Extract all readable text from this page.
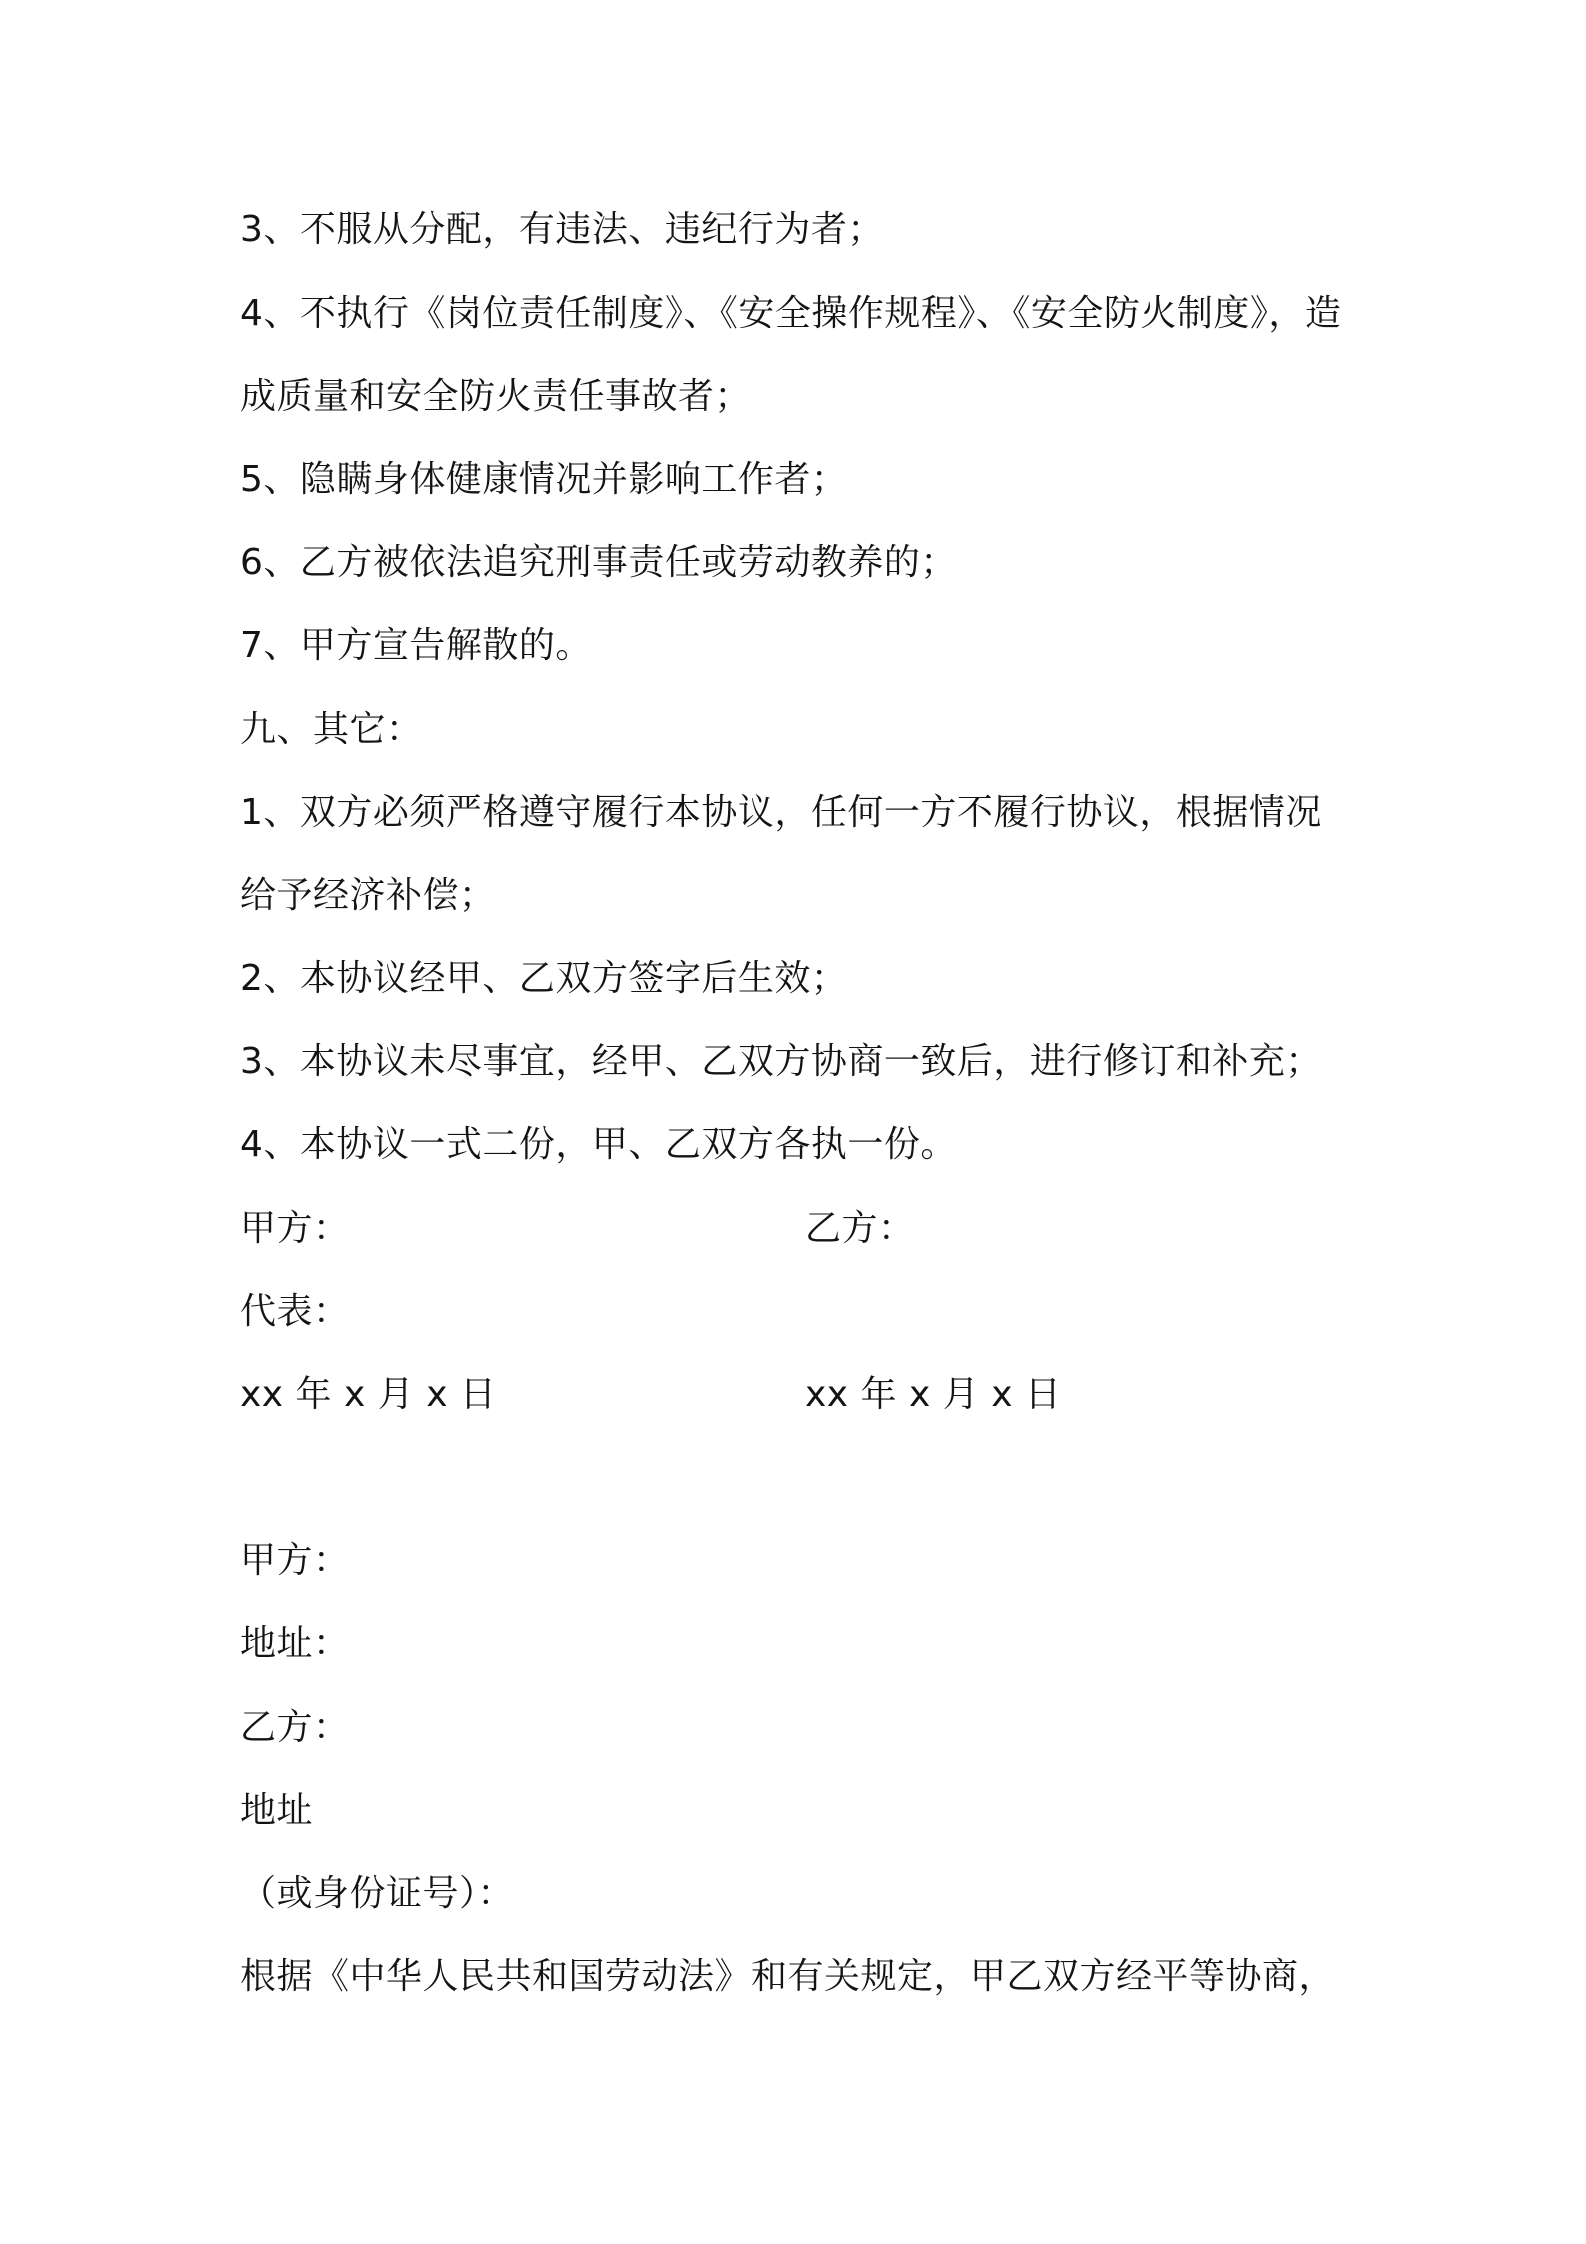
3、不服从分配，有违法、违纪行为者；
4、不执行《岗位责任制度》、《安全操作规程》、《安全防火制度》，造
成质量和安全防火责任事故者；
5、隐瞒身体健康情况并影响工作者；
6、乙方被依法追究刑事责任或劳动教养的；
7、甲方宣告解散的。
九、其它：
1、双方必须严格遵守履行本协议，任何一方不履行协议，根据情况
给予经济补偿；
2、本协议经甲、乙双方签字后生效；
3、本协议未尽事宜，经甲、乙双方协商一致后，进行修订和补充；
4、本协议一式二份，甲、乙双方各执一份。
甲方：	乙方：
代表：
xx 年 x 月 x 日	xx 年 x 月 x 日
甲方：
地址：
乙方：
地址
（或身份证号）：
根据《中华人民共和国劳动法》和有关规定，甲乙双方经平等协商，
